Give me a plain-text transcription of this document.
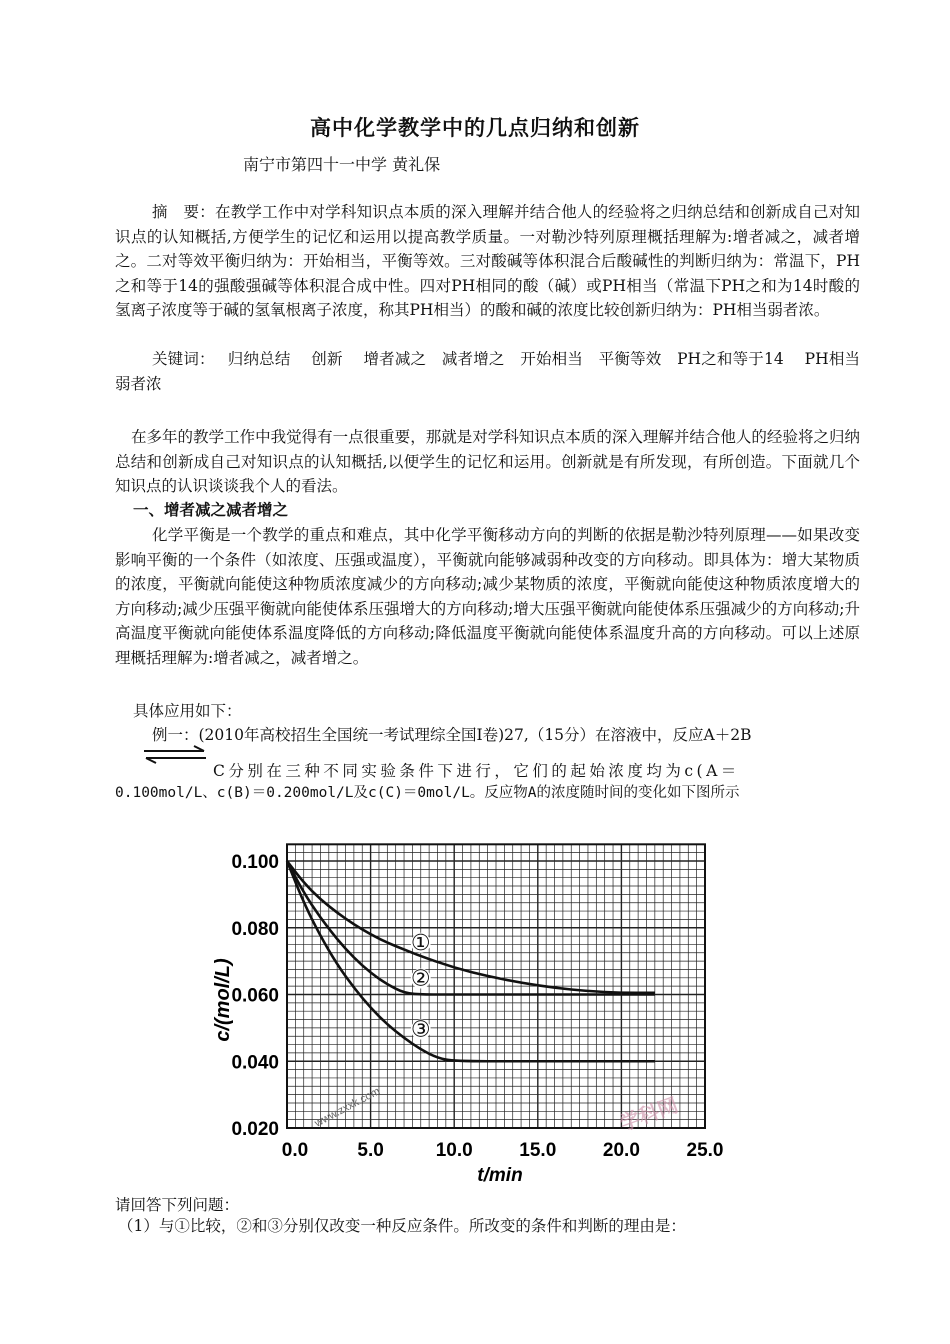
高中化学教学中的几点归纳和创新
南宁市第四十一中学 黄礼保
摘　要：在教学工作中对学科知识点本质的深入理解并结合他人的经验将之归纳总结和创新成自己对知识点的认知概括,方便学生的记忆和运用以提高教学质量。一对勒沙特列原理概括理解为:增者减之，减者增之。二对等效平衡归纳为：开始相当，平衡等效。三对酸碱等体积混合后酸碱性的判断归纳为：常温下，PH之和等于14的强酸强碱等体积混合成中性。四对PH相同的酸（碱）或PH相当（常温下PH之和为14时酸的氢离子浓度等于碱的氢氧根离子浓度，称其PH相当）的酸和碱的浓度比较创新归纳为：PH相当弱者浓。
关键词：　 归纳总结　 创新　 增者减之　减者增之　开始相当　平衡等效　PH之和等于14　 PH相当　弱者浓
在多年的教学工作中我觉得有一点很重要，那就是对学科知识点本质的深入理解并结合他人的经验将之归纳总结和创新成自己对知识点的认知概括,以便学生的记忆和运用。创新就是有所发现，有所创造。下面就几个知识点的认识谈谈我个人的看法。
一、增者减之减者增之
化学平衡是一个教学的重点和难点，其中化学平衡移动方向的判断的依据是勒沙特列原理——如果改变影响平衡的一个条件（如浓度、压强或温度），平衡就向能够减弱种改变的方向移动。即具体为：增大某物质的浓度，平衡就向能使这种物质浓度减少的方向移动;减少某物质的浓度，平衡就向能使这种物质浓度增大的方向移动;减少压强平衡就向能使体系压强增大的方向移动;增大压强平衡就向能使体系压强减少的方向移动;升高温度平衡就向能使体系温度降低的方向移动;降低温度平衡就向能使体系温度升高的方向移动。可以上述原理概括理解为:增者减之，减者增之。
具体应用如下：
例一：(2010年高校招生全国统一考试理综全国Ⅰ卷)27,（15分）在溶液中，反应A＋2B
C分别在三种不同实验条件下进行，它们的起始浓度均为c(A＝
0.100mol/L、c(B)＝0.200mol/L及c(C)＝0mol/L。反应物A的浓度随时间的变化如下图所示
①
②
③
0.020
0.040
0.060
0.080
0.100
0.0	5.0	10.0 15.0 20.0 25.0
c/(mol/L)
t/min
www.zxxk.com	学科网
请回答下列问题：
（1）与①比较，②和③分别仅改变一种反应条件。所改变的条件和判断的理由是：
